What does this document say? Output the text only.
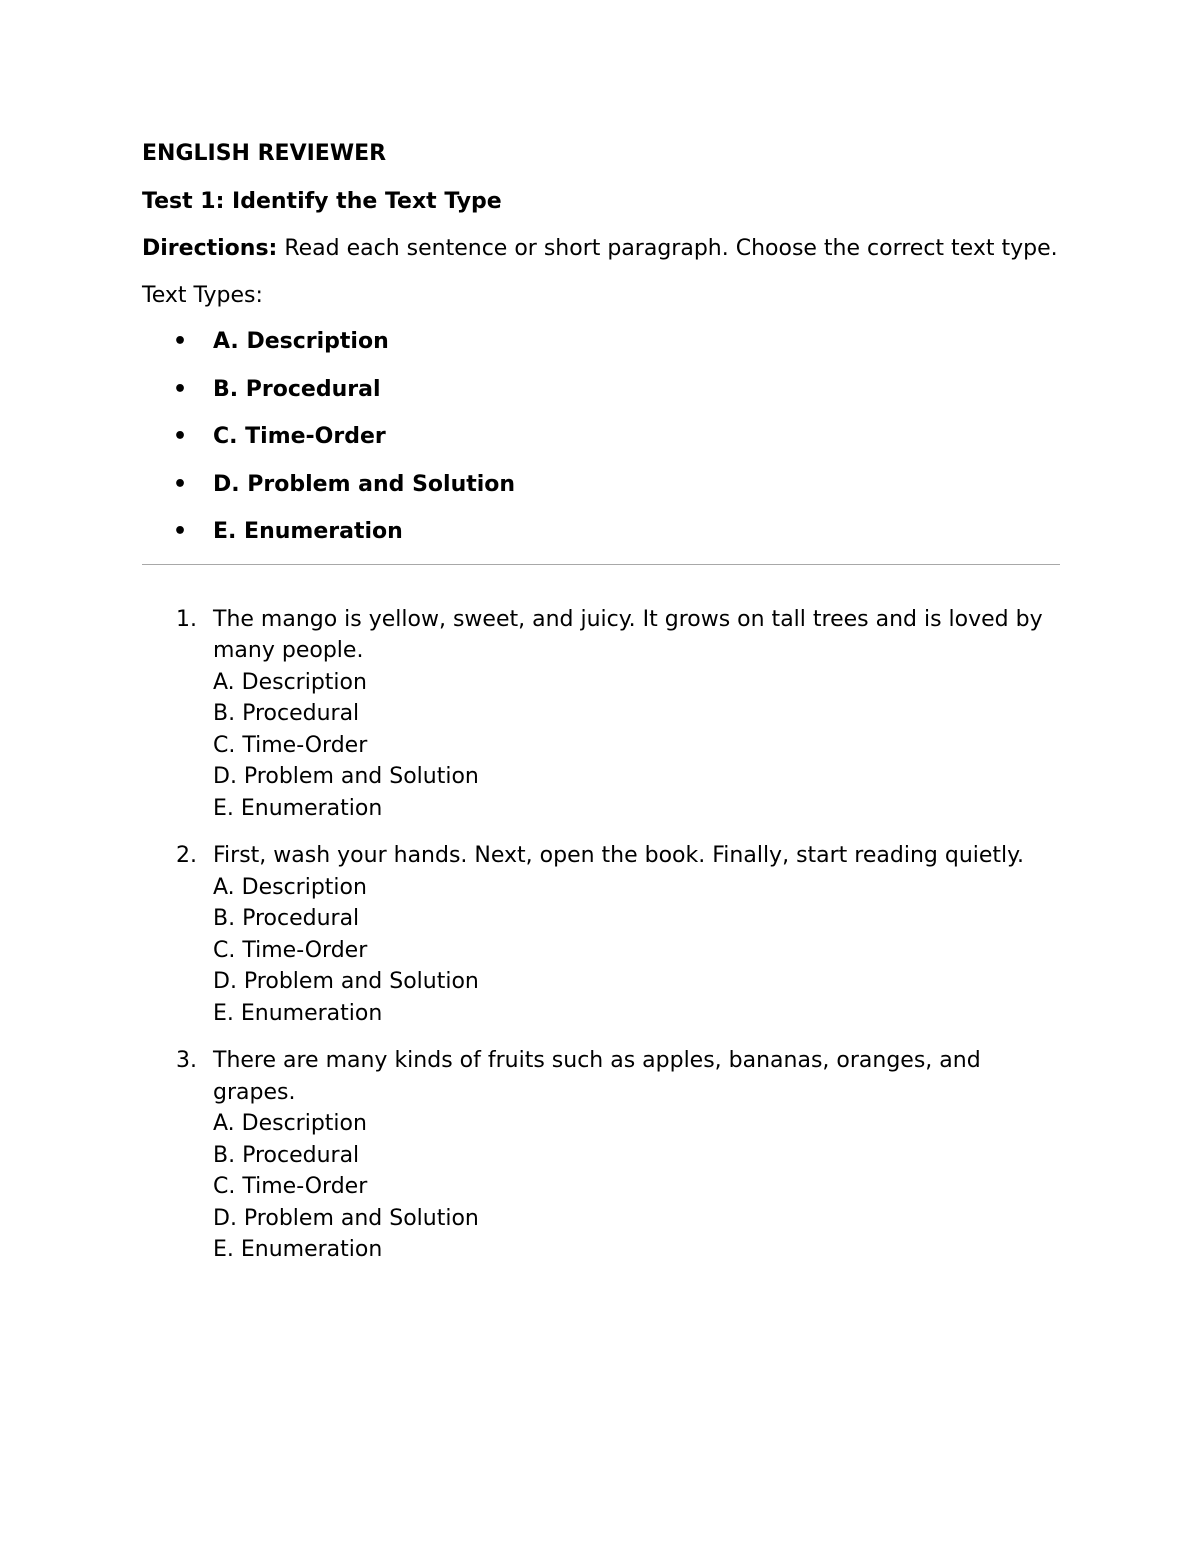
ENGLISH REVIEWER
Test 1: Identify the Text Type
Directions: Read each sentence or short paragraph. Choose the correct text type.
Text Types:
• A. Description
• B. Procedural
• C. Time-Order
• D. Problem and Solution
• E. Enumeration
1. The mango is yellow, sweet, and juicy. It grows on tall trees and is loved by many people.
A. Description
B. Procedural
C. Time-Order
D. Problem and Solution
E. Enumeration
2. First, wash your hands. Next, open the book. Finally, start reading quietly.
A. Description
B. Procedural
C. Time-Order
D. Problem and Solution
E. Enumeration
3. There are many kinds of fruits such as apples, bananas, oranges, and grapes.
A. Description
B. Procedural
C. Time-Order
D. Problem and Solution
E. Enumeration
